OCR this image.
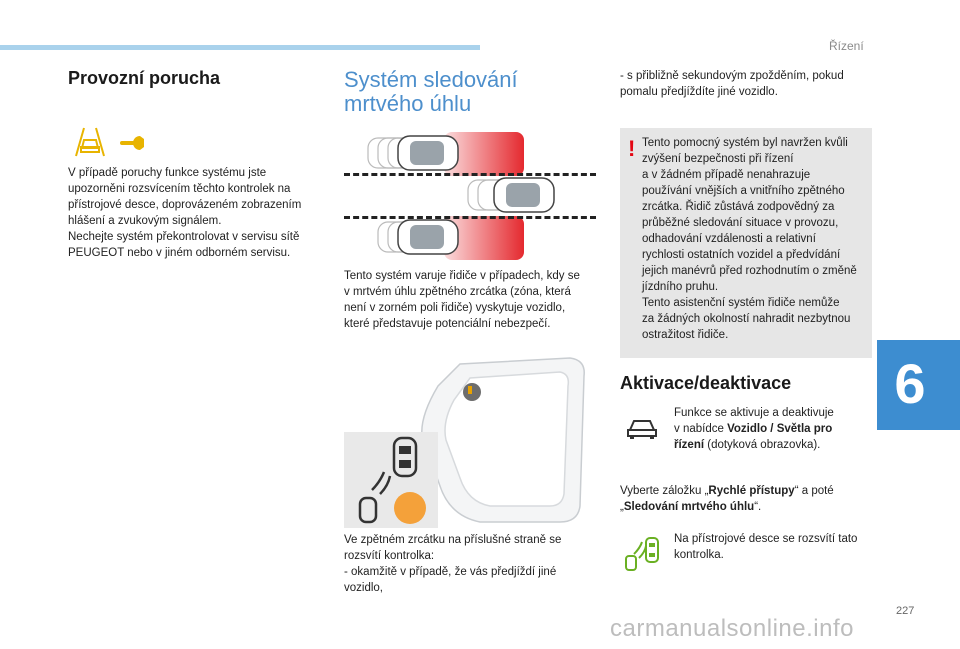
Řízení
6
227
Provozní porucha
V případě poruchy funkce systému jste
upozorněni rozsvícením těchto kontrolek na
přístrojové desce, doprovázeném zobrazením
hlášení a zvukovým signálem.
Nechejte systém překontrolovat v servisu sítě
PEUGEOT nebo v jiném odborném servisu.
Systém sledování
mrtvého úhlu
Tento systém varuje řidiče v případech, kdy se
v mrtvém úhlu zpětného zrcátka (zóna, která
není v zorném poli řidiče) vyskytuje vozidlo,
které představuje potenciální nebezpečí.
Ve zpětném zrcátku na příslušné straně se
rozsvítí kontrolka:
- okamžitě v případě, že vás předjíždí jiné
vozidlo,
- s přibližně sekundovým zpožděním, pokud
pomalu předjíždíte jiné vozidlo.
! Tento pomocný systém byl navržen kvůli
zvýšení bezpečnosti při řízení
a v žádném případě nenahrazuje
používání vnějších a vnitřního zpětného
zrcátka. Řidič zůstává zodpovědný za
průběžné sledování situace v provozu,
odhadování vzdálenosti a relativní
rychlosti ostatních vozidel a předvídání
jejich manévrů před rozhodnutím o změně
jízdního pruhu.
Tento asistenční systém řidiče nemůže
za žádných okolností nahradit nezbytnou
ostražitost řidiče.
Aktivace/deaktivace
Funkce se aktivuje a deaktivuje
v nabídce Vozidlo / Světla pro
řízení (dotyková obrazovka).
Vyberte záložku „Rychlé přístupy“ a poté
„Sledování mrtvého úhlu“.
Na přístrojové desce se rozsvítí tato
kontrolka.
carmanualsonline.info
